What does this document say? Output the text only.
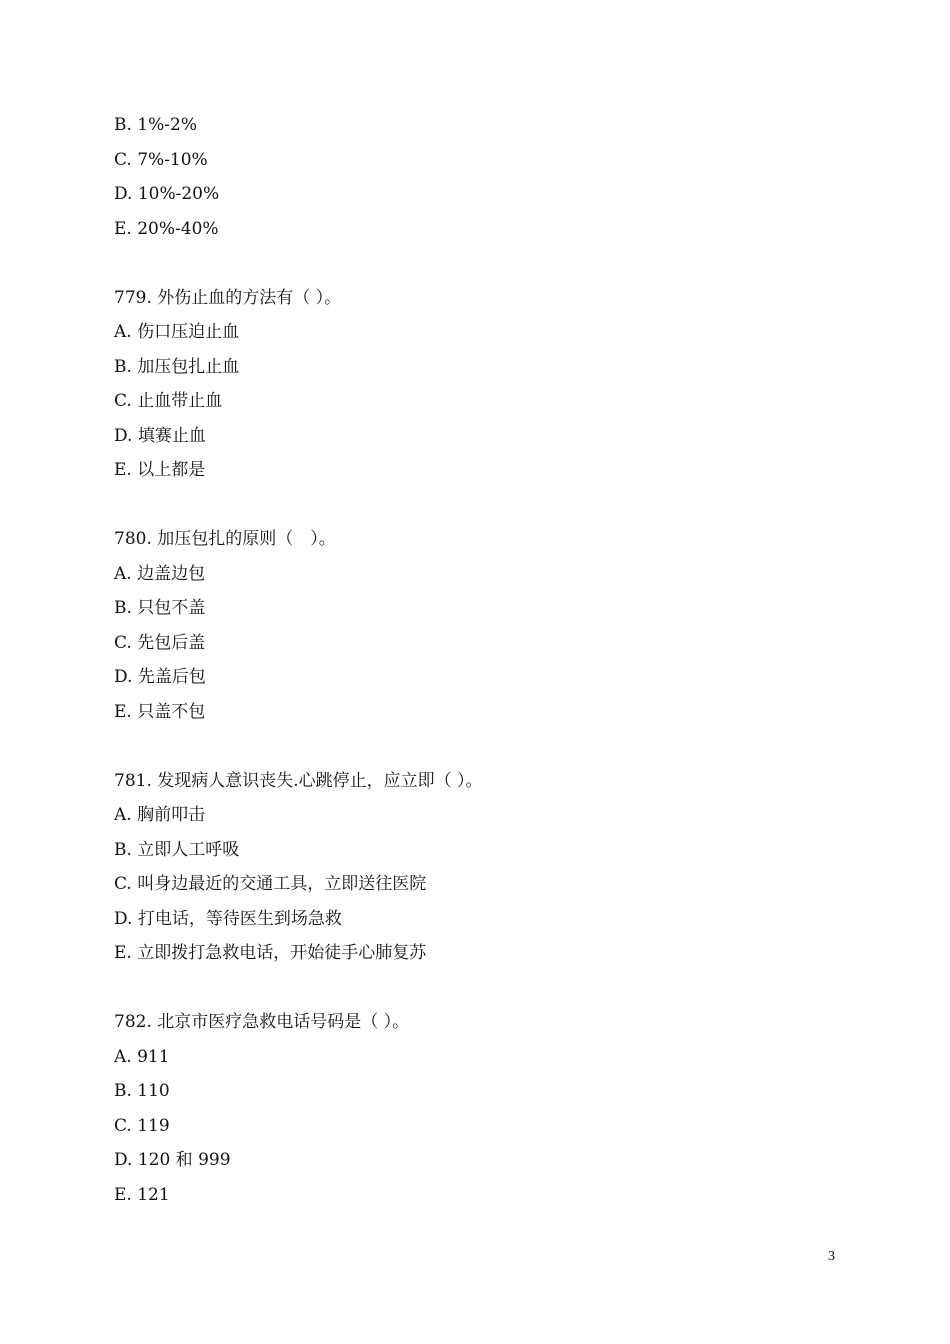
B. 1%-2%
C. 7%-10%
D. 10%-20%
E. 20%-40%
779. 外伤止血的方法有（ ）。
A. 伤口压迫止血
B. 加压包扎止血
C. 止血带止血
D. 填赛止血
E. 以上都是
780. 加压包扎的原则（　）。
A. 边盖边包
B. 只包不盖
C. 先包后盖
D. 先盖后包
E. 只盖不包
781. 发现病人意识丧失.心跳停止，应立即（ ）。
A. 胸前叩击
B. 立即人工呼吸
C. 叫身边最近的交通工具，立即送往医院
D. 打电话，等待医生到场急救
E. 立即拨打急救电话，开始徒手心肺复苏
782. 北京市医疗急救电话号码是（ ）。
A. 911
B. 110
C. 119
D. 120 和 999
E. 121
3
